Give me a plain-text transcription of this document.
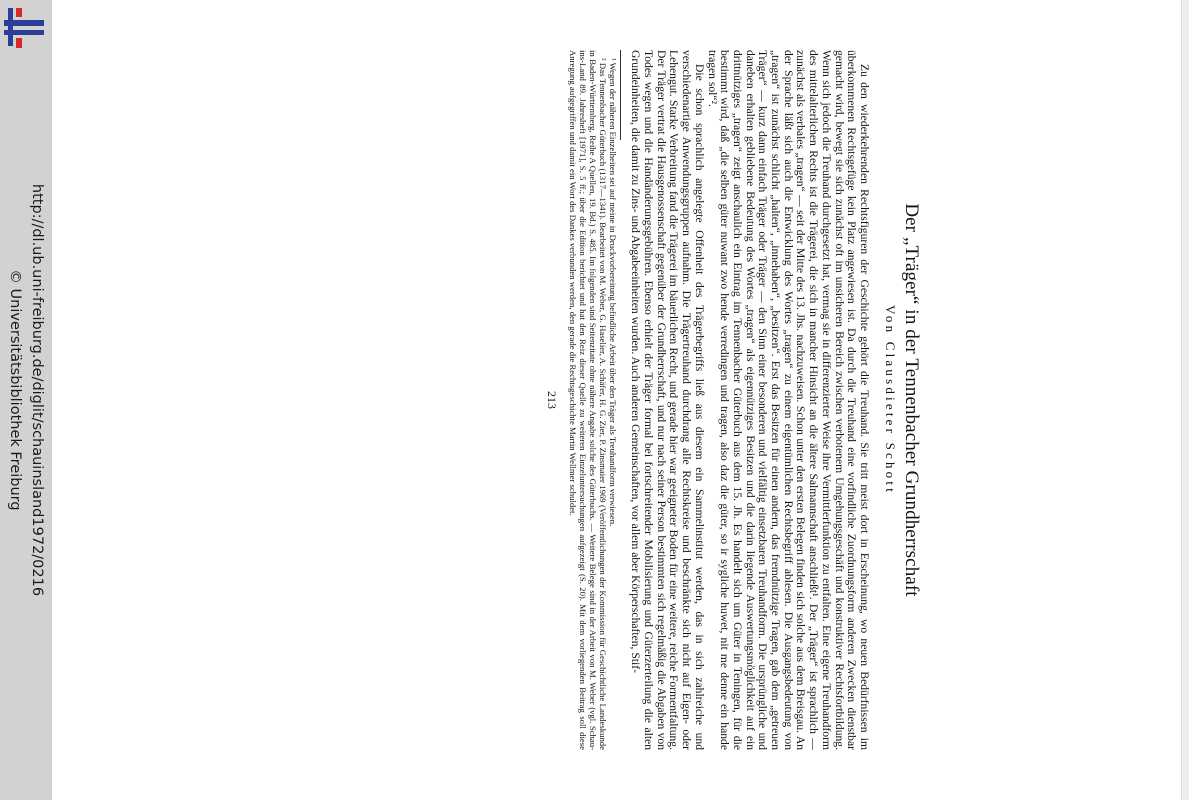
http://dl.ub.uni-freiburg.de/diglit/schauinsland1972/0216
© Universitätsbibliothek Freiburg	Der „Träger“ in der Tennenbacher Grundherrschaft
Von Clausdieter Schott

Zu den wiederkehrenden Rechtsfiguren der Geschichte gehört die Treuhand. Sie tritt meist dort in Erscheinung, wo neuen Bedürfnissen im überkommenen Rechtsgefüge kein Platz angewiesen ist. Da durch die Treuhand eine vorfindliche Zuordnungsform anderen Zwecken dienstbar gemacht wird, bewegt sie sich zunächst oft im unsicheren Bereich zwischen verbotenem Umgehungsgeschäft und konstruktiver Rechtsfortbildung. Wenn sich jedoch die Treuhand durchgesetzt hat, vermag sie in differenzierter Weise ihre Vermittlerfunktion zu entfalten. Eine eigene Treuhandform des mittelalterlichen Rechts ist die Trägerei, die sich in mancher Hinsicht an die ältere Salmannschaft anschließt¹. Der „Träger“ ist sprachlich — zunächst als verbales „tragen“ — seit der Mitte des 13. Jhs. nachzuweisen. Schon unter den ersten Belegen finden sich solche aus dem Breisgau. An der Sprache läßt sich auch die Entwicklung des Wortes „tragen“ zu einem eigentümlichen Rechtsbegriff ablesen. Die Ausgangsbedeutung von „tragen“ ist zunächst schlicht „halten“, „innehaben“, „besitzen“. Erst das Besitzen für einen andern, das fremdnützige Tragen, gab dem „getreuen Träger“ — kurz dann einfach Träger oder Träger — den Sinn einer besonderen und vielfältig einsetzbaren Treuhandform. Die ursprüngliche und daneben erhalten gebliebene Bedeutung des Wortes „tragen“ als eigennütziges Besitzen und die darin liegende Auswertungsmöglichkeit auf ein drittnütziges „tragen“ zeigt anschaulich ein Eintrag im Tennenbacher Güterbuch aus dem 15. Jh. Es handelt sich um Güter in Teningen, für die bestimmt wird, daß „die selben güter nuwant zwo hende verredingen und tragen, also daz die güter, so ir sygliche huwet, nit me denne ein hande tragen sol“².

Die schon sprachlich angelegte Offenheit des Trägerbegriffs ließ aus diesem ein Sammelinstitut werden, das in sich zahlreiche und verschiedenartige Anwendungsgruppen aufnahm. Die Trägertreuhand durchdrang alle Rechtskreise und beschränkte sich nicht auf Eigen- oder Lehengut. Starke Verbreitung fand die Trägerei im bäuerlichen Recht, und gerade hier war geeigneter Boden für eine weitere, reiche Formentfaltung. Der Träger vertrat die Hausgenossenschaft gegenüber der Grundherrschaft, und nur nach seiner Person bestimmten sich regelmäßig die Abgaben von Todes wegen und die Handänderungsgebühren. Ebenso erhielt der Träger formal bei fortschreitender Mobilisierung und Güterzerteilung die alten Grundeinheiten, die damit zu Zins- und Abgabeeinheiten wurden. Auch anderen Gemeinschaften, vor allem aber Körperschaften, Stif-

¹ Wegen der näheren Einzelheiten sei auf meine in Druckvorbereitung befindliche Arbeit über den Träger als Treuhandform verwiesen.

² Das Tennenbacher Güterbuch (1317—1341). Bearbeitet von M. Weber, G. Haselier, A. Schäfer, H. G. Zier, P. Zinsmaier 1969 (Veröffentlichungen der Kommission für Geschichtliche Landeskunde in Baden-Württemberg, Reihe A Quellen, 19. Bd.) S. 485. Im folgenden sind Seitenzitate ohne nähere Angabe solche des Güterbuchs. — Weitere Belege sind in der Arbeit von M. Weber (vgl. Schau-ins-Land 89. Jahresheft [1971], S. 5 ff.; über die Edition berichtet und hat den Reiz dieser Quelle zu weiteren Einzeluntersuchungen aufgezeigt (S. 20). Mit dem vorliegenden Beitrag soll diese Anregung aufgegriffen und damit ein Wort des Dankes verbunden werden, den gerade die Rechtsgeschichte Martin Wellmer schuldet.

213
